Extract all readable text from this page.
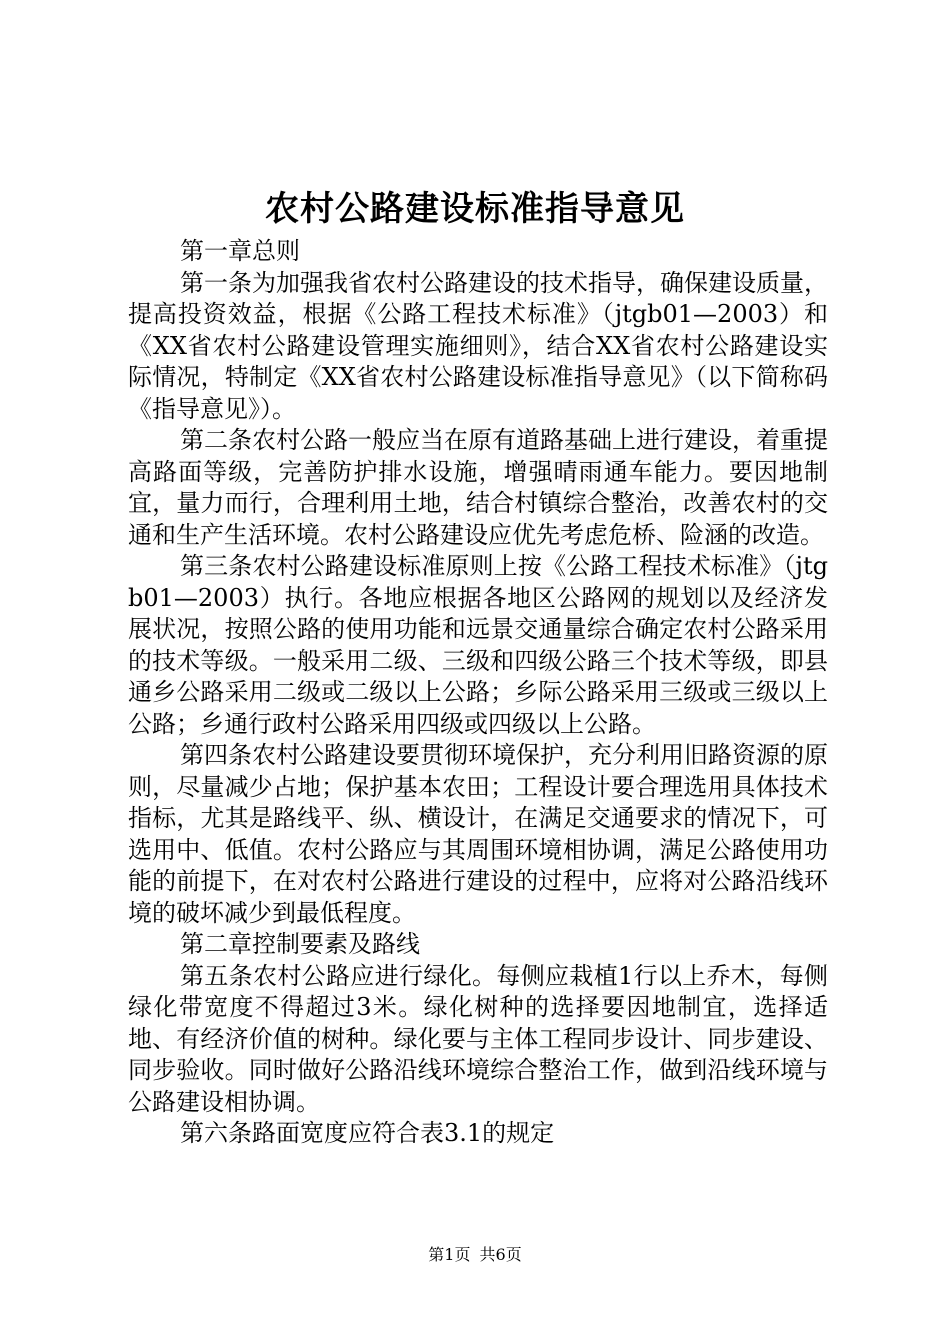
农村公路建设标准指导意见

第一章总则

第一条为加强我省农村公路建设的技术指导，确保建设质量，提高投资效益，根据《公路工程技术标准》（jtgb01—2003）和《XX省农村公路建设管理实施细则》，结合XX省农村公路建设实际情况，特制定《XX省农村公路建设标准指导意见》（以下简称码《指导意见》）。

第二条农村公路一般应当在原有道路基础上进行建设，着重提高路面等级，完善防护排水设施，增强晴雨通车能力。要因地制宜，量力而行，合理利用土地，结合村镇综合整治，改善农村的交通和生产生活环境。农村公路建设应优先考虑危桥、险涵的改造。

第三条农村公路建设标准原则上按《公路工程技术标准》（jtgb01—2003）执行。各地应根据各地区公路网的规划以及经济发展状况，按照公路的使用功能和远景交通量综合确定农村公路采用的技术等级。一般采用二级、三级和四级公路三个技术等级，即县通乡公路采用二级或二级以上公路；乡际公路采用三级或三级以上公路；乡通行政村公路采用四级或四级以上公路。

第四条农村公路建设要贯彻环境保护，充分利用旧路资源的原则，尽量减少占地；保护基本农田；工程设计要合理选用具体技术指标，尤其是路线平、纵、横设计，在满足交通要求的情况下，可选用中、低值。农村公路应与其周围环境相协调，满足公路使用功能的前提下，在对农村公路进行建设的过程中，应将对公路沿线环境的破坏减少到最低程度。

第二章控制要素及路线

第五条农村公路应进行绿化。每侧应栽植1行以上乔木，每侧绿化带宽度不得超过3米。绿化树种的选择要因地制宜，选择适地、有经济价值的树种。绿化要与主体工程同步设计、同步建设、同步验收。同时做好公路沿线环境综合整治工作，做到沿线环境与公路建设相协调。

第六条路面宽度应符合表3.1的规定

第1页 共6页
